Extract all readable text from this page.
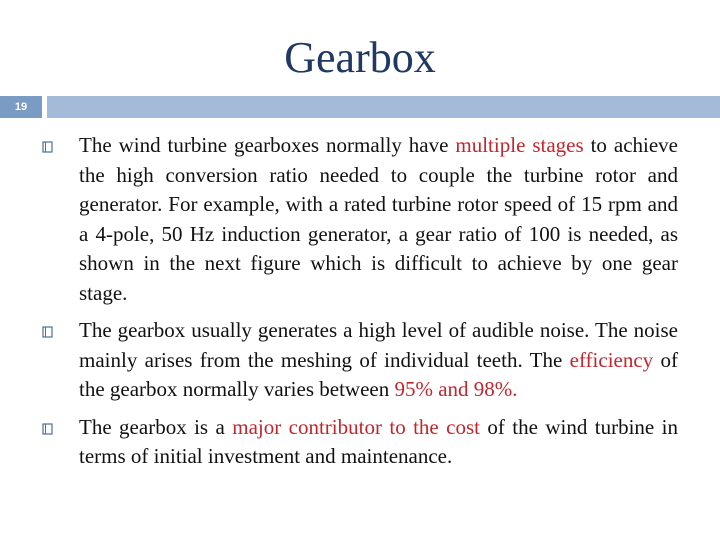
Gearbox
19

The wind turbine gearboxes normally have multiple stages to achieve the high conversion ratio needed to couple the turbine rotor and generator. For example, with a rated turbine rotor speed of 15 rpm and a 4-pole, 50 Hz induction generator, a gear ratio of 100 is needed, as shown in the next figure which is difficult to achieve by one gear stage.

The gearbox usually generates a high level of audible noise. The noise mainly arises from the meshing of individual teeth. The efficiency of the gearbox normally varies between 95% and 98%.

The gearbox is a major contributor to the cost of the wind turbine in terms of initial investment and maintenance.
